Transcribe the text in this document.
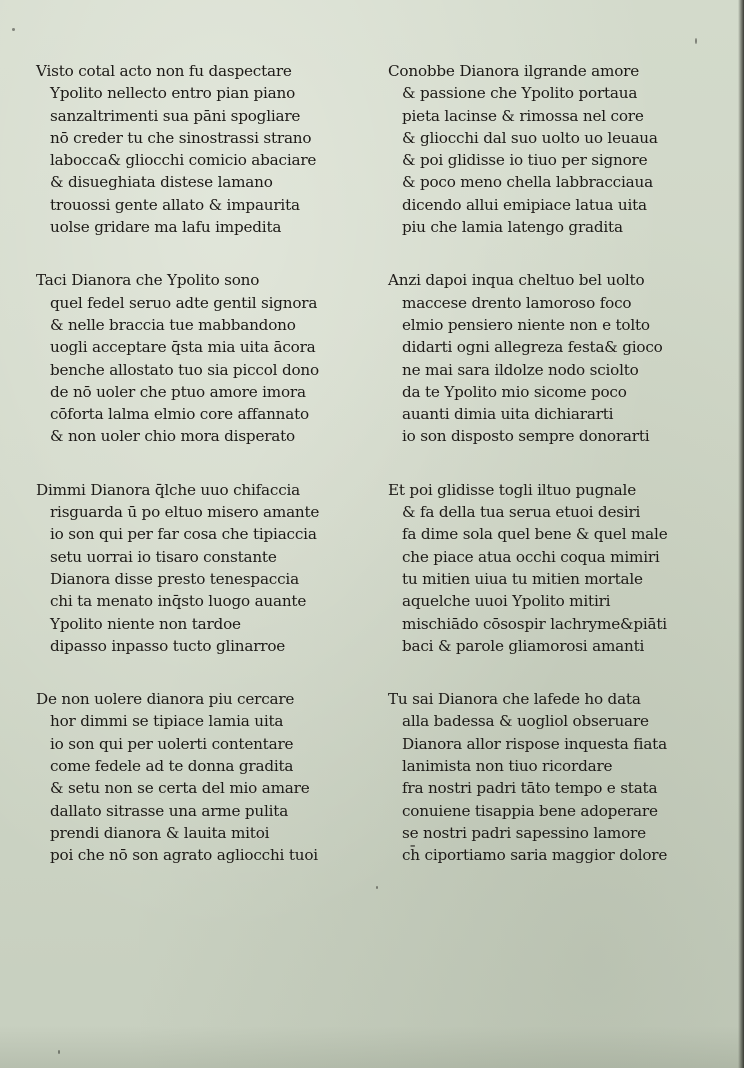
Visto cotal acto non fu daspectare
Ypolito nellecto entro pian piano
sanzaltrimenti sua pāni spogliare
nō creder tu che sinostrassi strano
labocca& gliocchi comicio abaciare
& disueghiata distese lamano
trouossi gente allato & impaurita
uolse gridare ma lafu impedita
Taci Dianora che Ypolito sono
quel fedel seruo adte gentil signora
& nelle braccia tue mabbandono
uogli acceptare q̄sta mia uita ācora
benche allostato tuo sia piccol dono
de nō uoler che ptuo amore imora
cōforta lalma elmio core affannato
& non uoler chio mora disperato
Dimmi Dianora q̄lche uuo chifaccia
risguarda ū po eltuo misero amante
io son qui per far cosa che tipiaccia
setu uorrai io tisaro constante
Dianora disse presto tenespaccia
chi ta menato inq̄sto luogo auante
Ypolito niente non tardoe
dipasso inpasso tucto glinarroe
De non uolere dianora piu cercare
hor dimmi se tipiace lamia uita
io son qui per uolerti contentare
come fedele ad te donna gradita
& setu non se certa del mio amare
dallato sitrasse una arme pulita
prendi dianora & lauita mitoi
poi che nō son agrato agliocchi tuoi
Conobbe Dianora ilgrande amore
& passione che Ypolito portaua
pieta lacinse & rimossa nel core
& gliocchi dal suo uolto uo leuaua
& poi glidisse io tiuo per signore
& poco meno chella labbracciaua
dicendo allui emipiace latua uita
piu che lamia latengo gradita
Anzi dapoi inqua cheltuo bel uolto
maccese drento lamoroso foco
elmio pensiero niente non e tolto
didarti ogni allegreza festa& gioco
ne mai sara ildolze nodo sciolto
da te Ypolito mio sicome poco
auanti dimia uita dichiararti
io son disposto sempre donorarti
Et poi glidisse togli iltuo pugnale
& fa della tua serua etuoi desiri
fa dime sola quel bene & quel male
che piace atua occhi coqua mimiri
tu mitien uiua tu mitien mortale
aquelche uuoi Ypolito mitiri
mischiādo cōsospir lachryme&piāti
baci & parole gliamorosi amanti
Tu sai Dianora che lafede ho data
alla badessa & uogliol obseruare
Dianora allor rispose inquesta fiata
lanimista non tiuo ricordare
fra nostri padri tāto tempo e stata
conuiene tisappia bene adoperare
se nostri padri sapessino lamore
ch̄ ciportiamo saria maggior dolore
